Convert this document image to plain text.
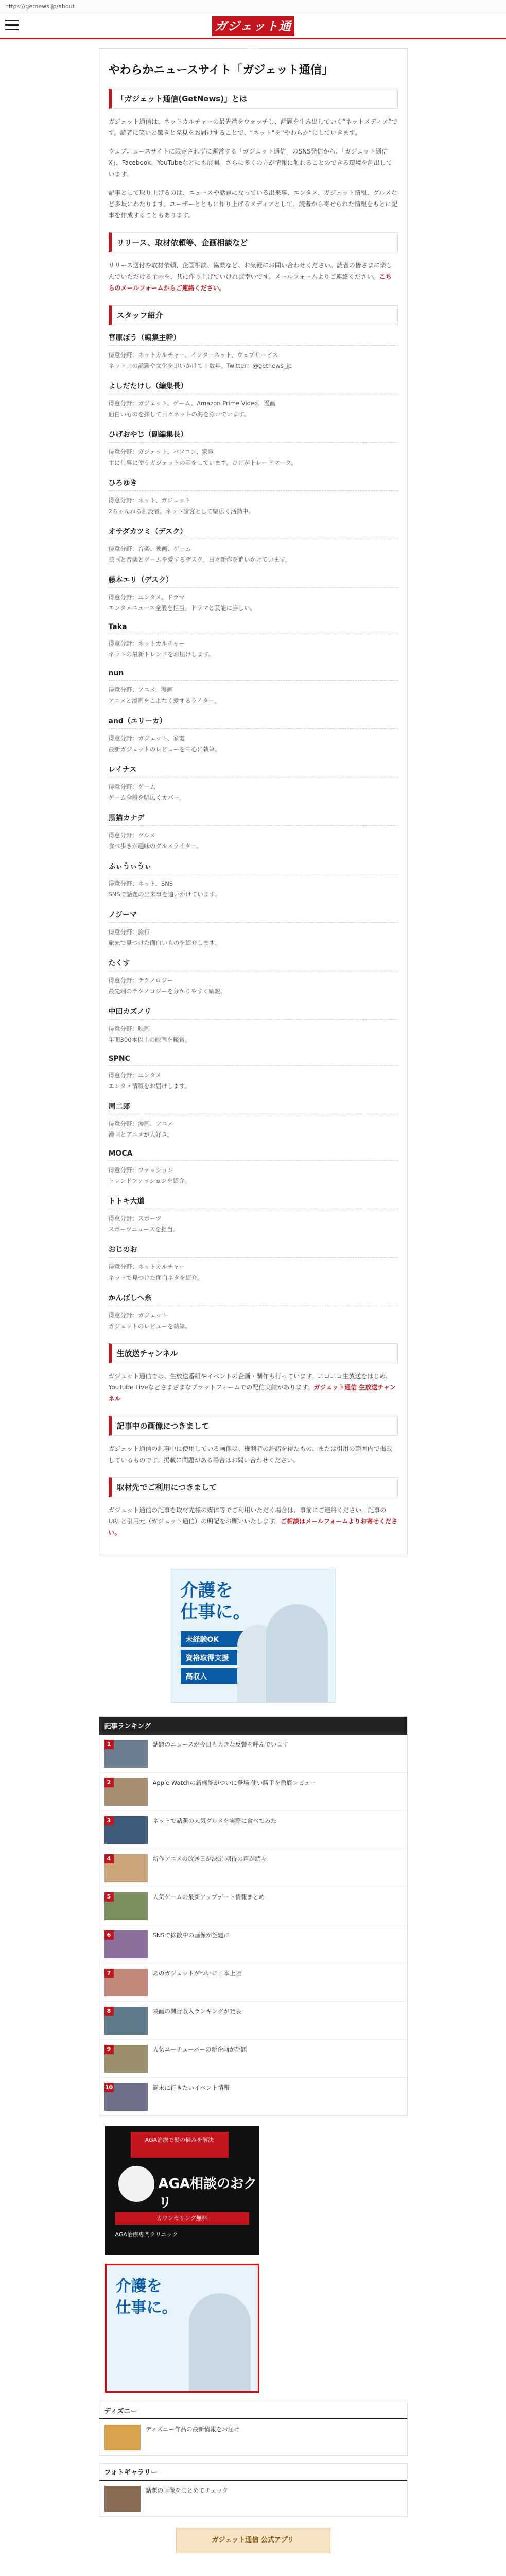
https://getnews.jp/about
ガジェット通信
やわらかニュースサイト「ガジェット通信」
「ガジェット通信(GetNews)」とは

ガジェット通信は、ネットカルチャーの最先端をウォッチし、話題を生み出していく“ネットメディア”です。読者に笑いと驚きと発見をお届けすることで、“ネット”を“やわらか”にしていきます。

ウェブニュースサイトに限定されずに運営する「ガジェット通信」のSNS発信から、「ガジェット通信 X」、Facebook、YouTubeなどにも展開。さらに多くの方が情報に触れることのできる環境を創出しています。

記事として取り上げるのは、ニュースや話題になっている出来事、エンタメ、ガジェット情報、グルメなど多岐にわたります。ユーザーとともに作り上げるメディアとして、読者から寄せられた情報をもとに記事を作成することもあります。

リリース、取材依頼等、企画相談など

リリース送付や取材依頼、企画相談、協業など、お気軽にお問い合わせください。読者の皆さまに楽しんでいただける企画を、共に作り上げていければ幸いです。メールフォームよりご連絡ください。こちらのメールフォームからご連絡ください。

スタッフ紹介
宮原ぼう（編集主幹）
得意分野：ネットカルチャー、インターネット、ウェブサービス
ネット上の話題や文化を追いかけて十数年。Twitter：@getnews_jp
よしだたけし（編集長）
得意分野：ガジェット、ゲーム、Amazon Prime Video、漫画
面白いものを探して日々ネットの海を泳いでいます。
ひげおやじ（副編集長）
得意分野：ガジェット、パソコン、家電
主に仕事に使うガジェットの話をしています。ひげがトレードマーク。
ひろゆき
得意分野：ネット、ガジェット
2ちゃんねる創設者。ネット論客として幅広く活動中。
オサダカツミ（デスク）
得意分野：音楽、映画、ゲーム
映画と音楽とゲームを愛するデスク。日々新作を追いかけています。
藤本エリ（デスク）
得意分野：エンタメ、ドラマ
エンタメニュース全般を担当。ドラマと芸能に詳しい。
Taka
得意分野：ネットカルチャー
ネットの最新トレンドをお届けします。
nun
得意分野：アニメ、漫画
アニメと漫画をこよなく愛するライター。
and（エリーカ）
得意分野：ガジェット、家電
最新ガジェットのレビューを中心に執筆。
レイナス
得意分野：ゲーム
ゲーム全般を幅広くカバー。
黒猫カナデ
得意分野：グルメ
食べ歩きが趣味のグルメライター。
ふぃうぃうぃ
得意分野：ネット、SNS
SNSで話題の出来事を追いかけています。
ノジーマ
得意分野：旅行
旅先で見つけた面白いものを紹介します。
たくす
得意分野：テクノロジー
最先端のテクノロジーを分かりやすく解説。
中田カズノリ
得意分野：映画
年間300本以上の映画を鑑賞。
SPNC
得意分野：エンタメ
エンタメ情報をお届けします。
周二郎
得意分野：漫画、アニメ
漫画とアニメが大好き。
MOCA
得意分野：ファッション
トレンドファッションを紹介。
トトキ大道
得意分野：スポーツ
スポーツニュースを担当。
おじのお
得意分野：ネットカルチャー
ネットで見つけた面白ネタを紹介。
かんばしへ糸
得意分野：ガジェット
ガジェットのレビューを執筆。
生放送チャンネル

ガジェット通信では、生放送番組やイベントの企画・制作も行っています。ニコニコ生放送をはじめ、YouTube Liveなどさまざまなプラットフォームでの配信実績があります。ガジェット通信 生放送チャンネル

記事中の画像につきまして

ガジェット通信の記事中に使用している画像は、権利者の許諾を得たもの、または引用の範囲内で掲載しているものです。掲載に問題がある場合はお問い合わせください。

取材先でご利用につきまして

ガジェット通信の記事を取材先様の媒体等でご利用いただく場合は、事前にご連絡ください。記事のURLと引用元（ガジェット通信）の明記をお願いいたします。ご相談はメールフォームよりお寄せください。

介護を
仕事に。
未経験OK
資格取得支援
高収入
記事ランキング
1	話題のニュースが今日も大きな反響を呼んでいます
2	Apple Watchの新機能がついに登場 使い勝手を徹底レビュー
3	ネットで話題の人気グルメを実際に食べてみた
4	新作アニメの放送日が決定 期待の声が続々
5	人気ゲームの最新アップデート情報まとめ
6	SNSで拡散中の画像が話題に
7	あのガジェットがついに日本上陸
8	映画の興行収入ランキングが発表
9	人気ユーチューバーの新企画が話題
10	週末に行きたいイベント情報
AGA治療で髪の悩みを解決
AGA相談のおクリ
カウンセリング無料
AGA治療専門クリニック
介護を
仕事に。
ディズニー
ディズニー作品の最新情報をお届け
フォトギャラリー
話題の画像をまとめてチェック
ガジェット通信 公式アプリ
